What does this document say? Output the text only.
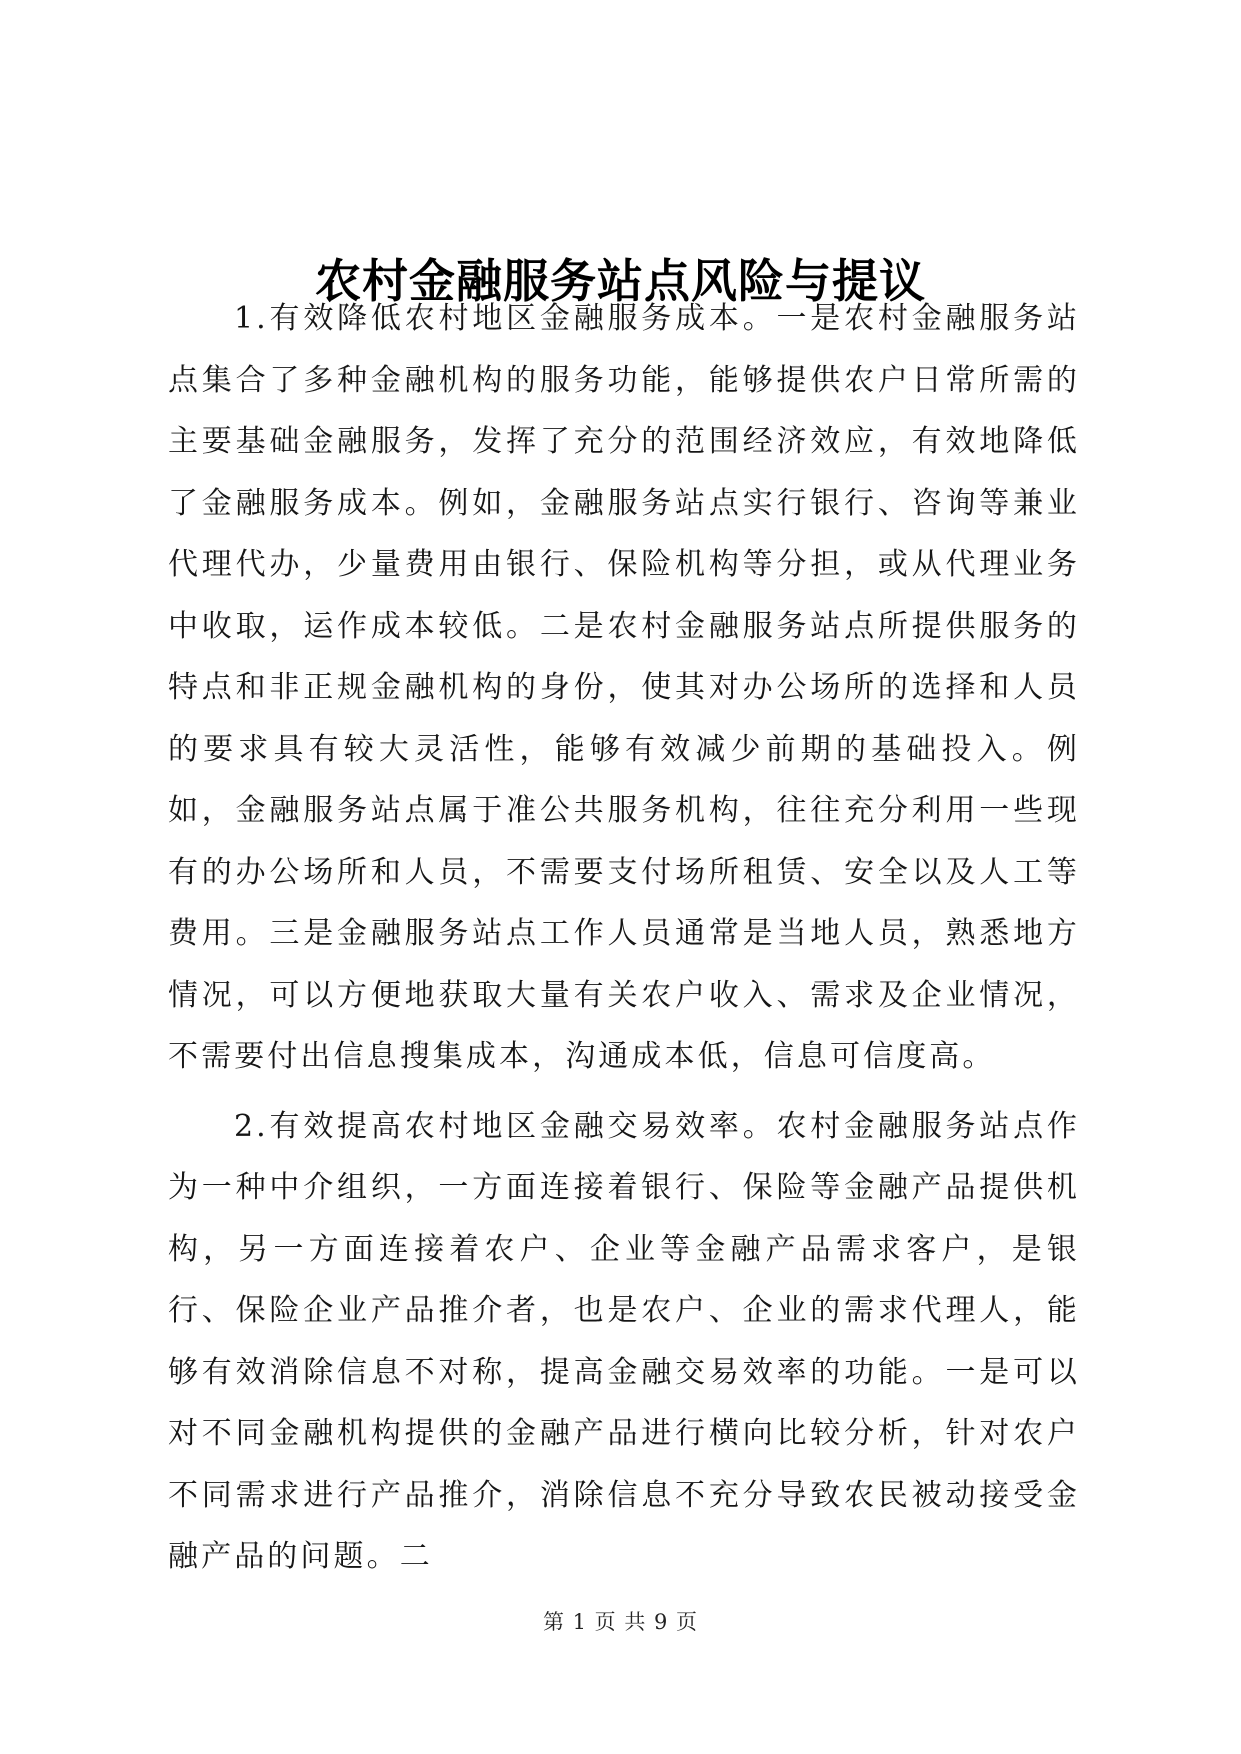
农村金融服务站点风险与提议

1.有效降低农村地区金融服务成本。一是农村金融服务站点集合了多种金融机构的服务功能，能够提供农户日常所需的主要基础金融服务，发挥了充分的范围经济效应，有效地降低了金融服务成本。例如，金融服务站点实行银行、咨询等兼业代理代办，少量费用由银行、保险机构等分担，或从代理业务中收取，运作成本较低。二是农村金融服务站点所提供服务的特点和非正规金融机构的身份，使其对办公场所的选择和人员的要求具有较大灵活性，能够有效减少前期的基础投入。例如，金融服务站点属于准公共服务机构，往往充分利用一些现有的办公场所和人员，不需要支付场所租赁、安全以及人工等费用。三是金融服务站点工作人员通常是当地人员，熟悉地方情况，可以方便地获取大量有关农户收入、需求及企业情况，不需要付出信息搜集成本，沟通成本低，信息可信度高。

2.有效提高农村地区金融交易效率。农村金融服务站点作为一种中介组织，一方面连接着银行、保险等金融产品提供机构，另一方面连接着农户、企业等金融产品需求客户，是银行、保险企业产品推介者，也是农户、企业的需求代理人，能够有效消除信息不对称，提高金融交易效率的功能。一是可以对不同金融机构提供的金融产品进行横向比较分析，针对农户不同需求进行产品推介，消除信息不充分导致农民被动接受金融产品的问题。二

第 1 页 共 9 页
